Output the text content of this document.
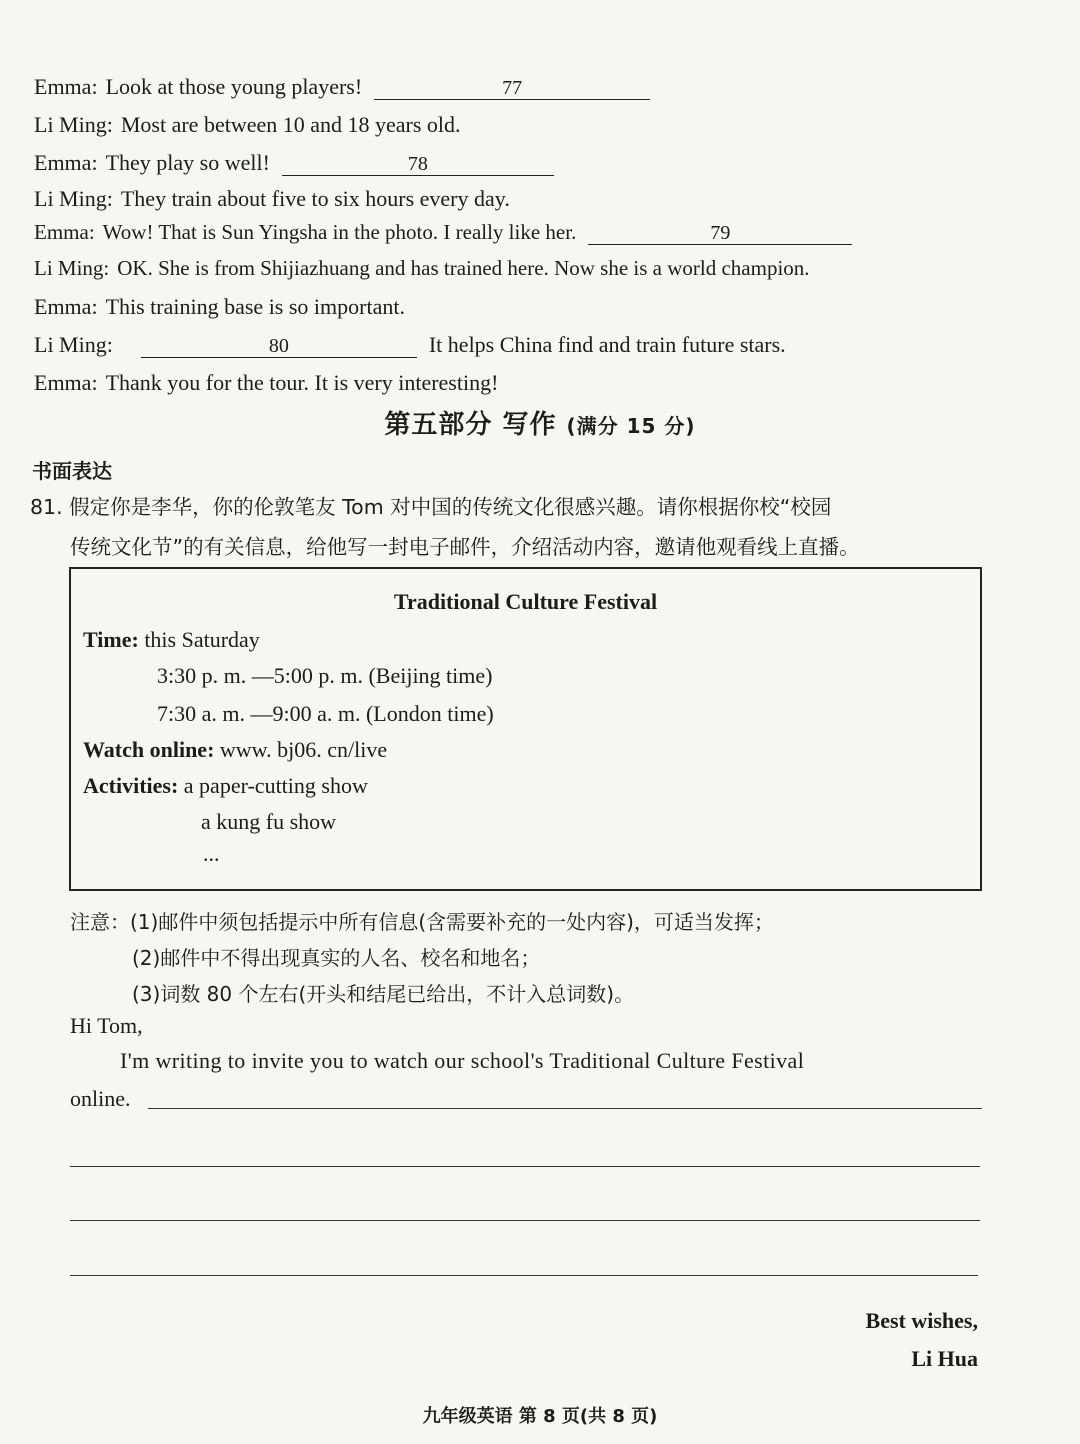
Emma : Look at those young players!	77
Li Ming : Most are between 10 and 18 years old.
Emma : They play so well!	78
Li Ming : They train about five to six hours every day.
Emma : Wow! That is Sun Yingsha in the photo. I really like her.	79
Li Ming : OK. She is from Shijiazhuang and has trained here. Now she is a world champion.
Emma : This training base is so important.
Li Ming :	80	It helps China find and train future stars.
Emma : Thank you for the tour. It is very interesting!
第五部分 写作 (满分 15 分)
书面表达
81. 假定你是李华，你的伦敦笔友 Tom 对中国的传统文化很感兴趣。请你根据你校“校园
传统文化节”的有关信息，给他写一封电子邮件，介绍活动内容，邀请他观看线上直播。
Traditional Culture Festival
Time: this Saturday
3:30 p. m. —5:00 p. m. (Beijing time)
7:30 a. m. —9:00 a. m. (London time)
Watch online: www. bj06. cn/live
Activities: a paper-cutting show
a kung fu show
...
注意：(1)邮件中须包括提示中所有信息(含需要补充的一处内容)，可适当发挥；
(2)邮件中不得出现真实的人名、校名和地名；
(3)词数 80 个左右(开头和结尾已给出，不计入总词数)。
Hi Tom,
I'm writing to invite you to watch our school's Traditional Culture Festival
online.
Best wishes,
Li Hua
九年级英语 第 8 页(共 8 页)
